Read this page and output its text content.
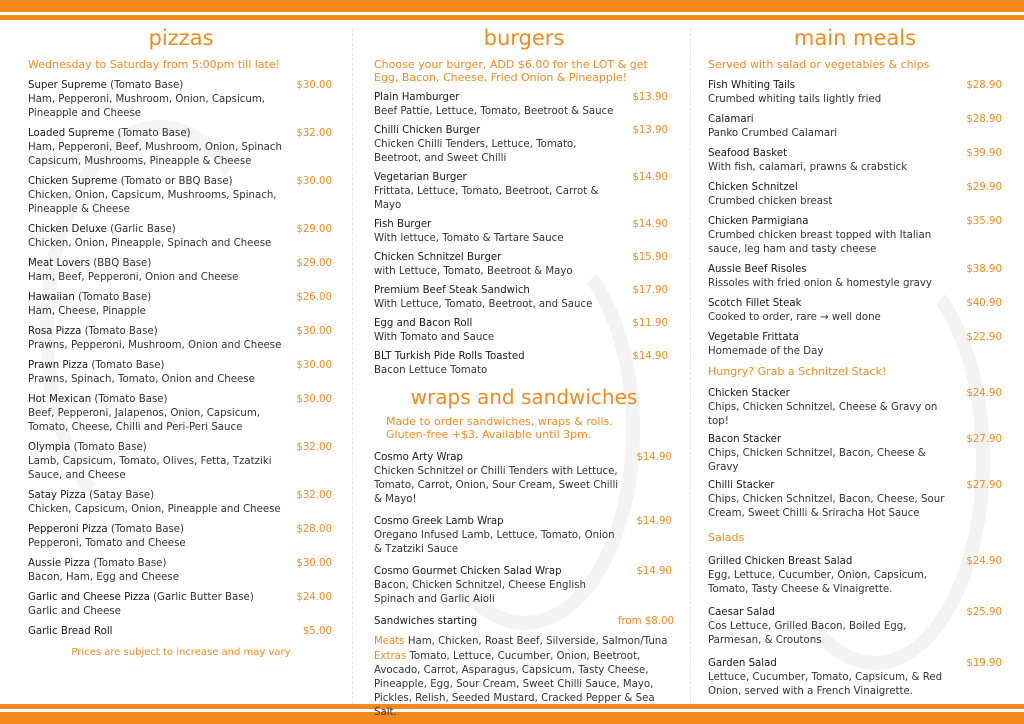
pizzas
Wednesday to Saturday from 5:00pm till late!
Super Supreme (Tomato Base)
Ham, Pepperoni, Mushroom, Onion, Capsicum, Pineapple and Cheese
$30.00
Loaded Supreme (Tomato Base)
Ham, Pepperoni, Beef, Mushroom, Onion, Spinach Capsicum, Mushrooms, Pineapple & Cheese
$32.00
Chicken Supreme (Tomato or BBQ Base)
Chicken, Onion, Capsicum, Mushrooms, Spinach, Pineapple & Cheese
$30.00
Chicken Deluxe (Garlic Base)
Chicken, Onion, Pineapple, Spinach and Cheese
$29.00
Meat Lovers (BBQ Base)
Ham, Beef, Pepperoni, Onion and Cheese
$29.00
Hawaiian (Tomato Base)
Ham, Cheese, Pinapple
$26.00
Rosa Pizza (Tomato Base)
Prawns, Pepperoni, Mushroom, Onion and Cheese
$30.00
Prawn Pizza (Tomato Base)
Prawns, Spinach, Tomato, Onion and Cheese
$30.00
Hot Mexican (Tomato Base)
Beef, Pepperoni, Jalapenos, Onion, Capsicum, Tomato, Cheese, Chilli and Peri-Peri Sauce
$30.00
Olympia (Tomato Base)
Lamb, Capsicum, Tomato, Olives, Fetta, Tzatziki Sauce, and Cheese
$32.00
Satay Pizza (Satay Base)
Chicken, Capsicum, Onion, Pineapple and Cheese
$32.00
Pepperoni Pizza (Tomato Base)
Pepperoni, Tomato and Cheese
$28.00
Aussie Pizza (Tomato Base)
Bacon, Ham, Egg and Cheese
$30.00
Garlic and Cheese Pizza (Garlic Butter Base)
Garlic and Cheese
$24.00
Garlic Bread Roll	$5.00
Prices are subject to increase and may vary
burgers
Choose your burger, ADD $6.00 for the LOT & get Egg, Bacon, Cheese, Fried Onion & Pineapple!
Plain Hamburger
Beef Pattie, Lettuce, Tomato, Beetroot & Sauce
$13.90
Chilli Chicken Burger
Chicken Chilli Tenders, Lettuce, Tomato, Beetroot, and Sweet Chilli
$13.90
Vegetarian Burger
Frittata, Lettuce, Tomato, Beetroot, Carrot & Mayo
$14.90
Fish Burger
With lettuce, Tomato & Tartare Sauce
$14.90
Chicken Schnitzel Burger
with Lettuce, Tomato, Beetroot & Mayo
$15.90
Premium Beef Steak Sandwich
With Lettuce, Tomato, Beetroot, and Sauce
$17.90
Egg and Bacon Roll
With Tomato and Sauce
$11.90
BLT Turkish Pide Rolls Toasted
Bacon Lettuce Tomato
$14.90
wraps and sandwiches
Made to order sandwiches, wraps & rolls. Gluten-free +$3. Available until 3pm.
Cosmo Arty Wrap
Chicken Schnitzel or Chilli Tenders with Lettuce, Tomato, Carrot, Onion, Sour Cream, Sweet Chilli & Mayo!
$14.90
Cosmo Greek Lamb Wrap
Oregano Infused Lamb, Lettuce, Tomato, Onion & Tzatziki Sauce
$14.90
Cosmo Gourmet Chicken Salad Wrap
Bacon, Chicken Schnitzel, Cheese English Spinach and Garlic Aioli
$14.90
Sandwiches starting	from $8.00
Meats Ham, Chicken, Roast Beef, Silverside, Salmon/Tuna
Extras Tomato, Lettuce, Cucumber, Onion, Beetroot, Avocado, Carrot, Asparagus, Capsicum, Tasty Cheese, Pineapple, Egg, Sour Cream, Sweet Chilli Sauce, Mayo, Pickles, Relish, Seeded Mustard, Cracked Pepper & Sea Salt.
main meals
Served with salad or vegetables & chips
Fish Whiting Tails
Crumbed whiting tails lightly fried
$28.90
Calamari
Panko Crumbed Calamari
$28.90
Seafood Basket
With fish, calamari, prawns & crabstick
$39.90
Chicken Schnitzel
Crumbed chicken breast
$29.90
Chicken Parmigiana
Crumbed chicken breast topped with Italian sauce, leg ham and tasty cheese
$35.90
Aussie Beef Risoles
Rissoles with fried onion & homestyle gravy
$38.90
Scotch Fillet Steak
Cooked to order, rare → well done
$40.90
Vegetable Frittata
Homemade of the Day
$22.90
Hungry? Grab a Schnitzel Stack!
Chicken Stacker
Chips, Chicken Schnitzel, Cheese & Gravy on top!
$24.90
Bacon Stacker
Chips, Chicken Schnitzel, Bacon, Cheese & Gravy
$27.90
Chilli Stacker
Chips, Chicken Schnitzel, Bacon, Cheese, Sour Cream, Sweet Chilli & Sriracha Hot Sauce
$27.90
Salads
Grilled Chicken Breast Salad
Egg, Lettuce, Cucumber, Onion, Capsicum, Tomato, Tasty Cheese & Vinaigrette.
$24.90
Caesar Salad
Cos Lettuce, Grilled Bacon, Boiled Egg, Parmesan, & Croutons
$25.90
Garden Salad
Lettuce, Cucumber, Tomato, Capsicum, & Red Onion, served with a French Vinaigrette.
$19.90
